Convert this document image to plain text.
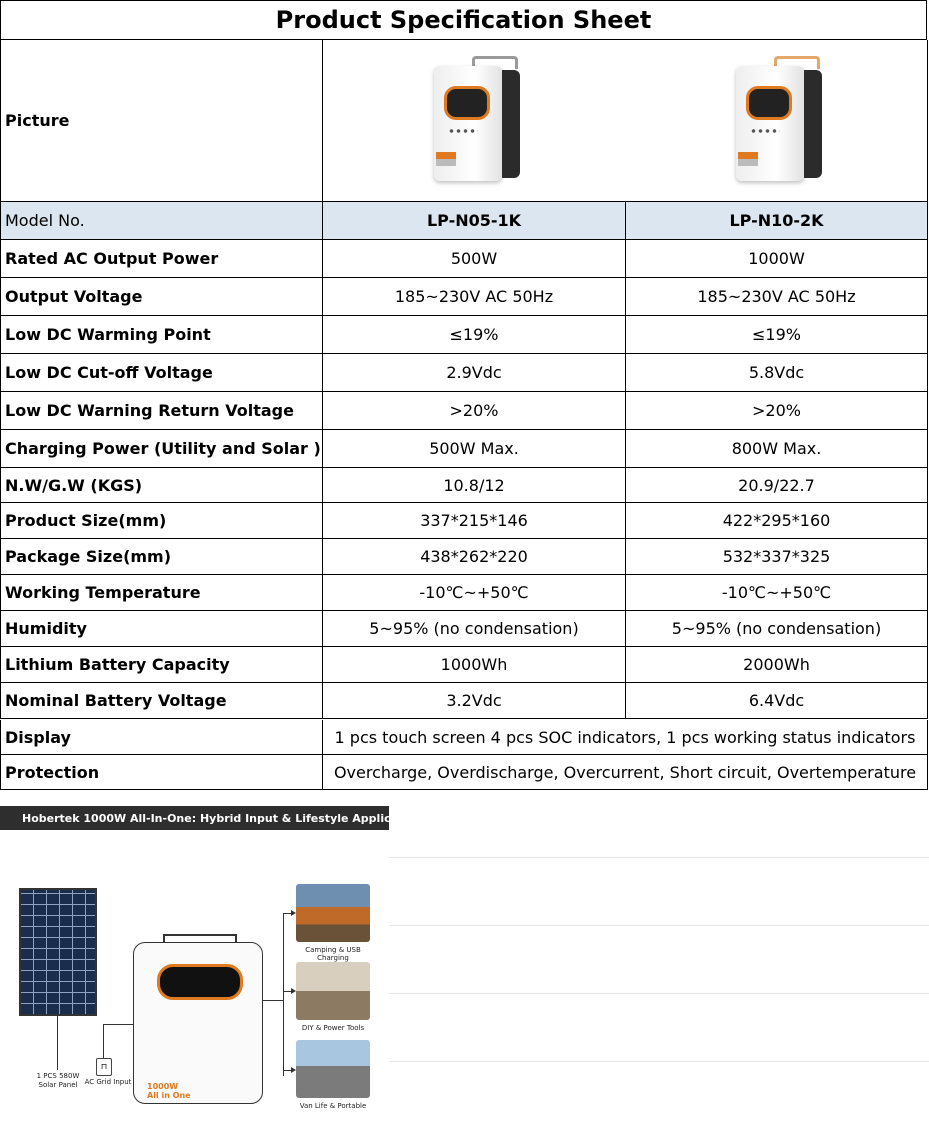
Product Specification Sheet
Picture
Model No.	LP-N05-1K	LP-N10-2K
Rated AC Output Power	500W	1000W
Output Voltage	185~230V AC 50Hz	185~230V AC 50Hz
Low DC Warming Point	≤19%	≤19%
Low DC Cut-off Voltage	2.9Vdc	5.8Vdc
Low DC Warning Return Voltage	>20%	>20%
Charging Power (Utility and Solar )	500W Max.	800W Max.
N.W/G.W (KGS)	10.8/12	20.9/22.7
Product Size(mm)	337*215*146	422*295*160
Package Size(mm)	438*262*220	532*337*325
Working Temperature	-10℃~+50℃	-10℃~+50℃
Humidity	5~95% (no condensation)	5~95% (no condensation)
Lithium Battery Capacity	1000Wh	2000Wh
Nominal Battery Voltage	3.2Vdc	6.4Vdc
Display	1 pcs touch screen 4 pcs SOC indicators, 1 pcs working status indicators
Protection	Overcharge, Overdischarge, Overcurrent, Short circuit, Overtemperature
Hobertek 1000W All-In-One: Hybrid Input & Lifestyle Applications
1 PCS 580W Solar Panel
⊓
AC Grid Input 1000W
All in One
Camping & USB Charging
DIY & Power Tools
Van Life & Portable
